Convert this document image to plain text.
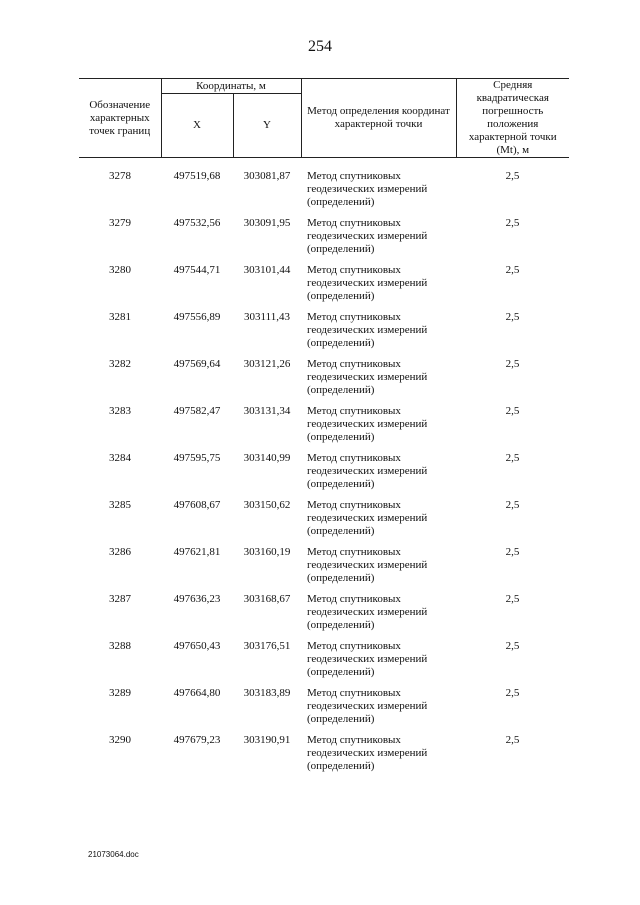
254
Обозначение характерных точек границ	Координаты, м		Метод определения координат характерной точки	Средняя квадратическая погрешность положения характерной точки (Mt), м
	X	Y		

3278	497519,68	303081,87	Метод спутниковых геодезических измерений (определений)	2,5
3279	497532,56	303091,95	Метод спутниковых геодезических измерений (определений)	2,5
3280	497544,71	303101,44	Метод спутниковых геодезических измерений (определений)	2,5
3281	497556,89	303111,43	Метод спутниковых геодезических измерений (определений)	2,5
3282	497569,64	303121,26	Метод спутниковых геодезических измерений (определений)	2,5
3283	497582,47	303131,34	Метод спутниковых геодезических измерений (определений)	2,5
3284	497595,75	303140,99	Метод спутниковых геодезических измерений (определений)	2,5
3285	497608,67	303150,62	Метод спутниковых геодезических измерений (определений)	2,5
3286	497621,81	303160,19	Метод спутниковых геодезических измерений (определений)	2,5
3287	497636,23	303168,67	Метод спутниковых геодезических измерений (определений)	2,5
3288	497650,43	303176,51	Метод спутниковых геодезических измерений (определений)	2,5
3289	497664,80	303183,89	Метод спутниковых геодезических измерений (определений)	2,5
3290	497679,23	303190,91	Метод спутниковых геодезических измерений (определений)	2,5
21073064.doc
